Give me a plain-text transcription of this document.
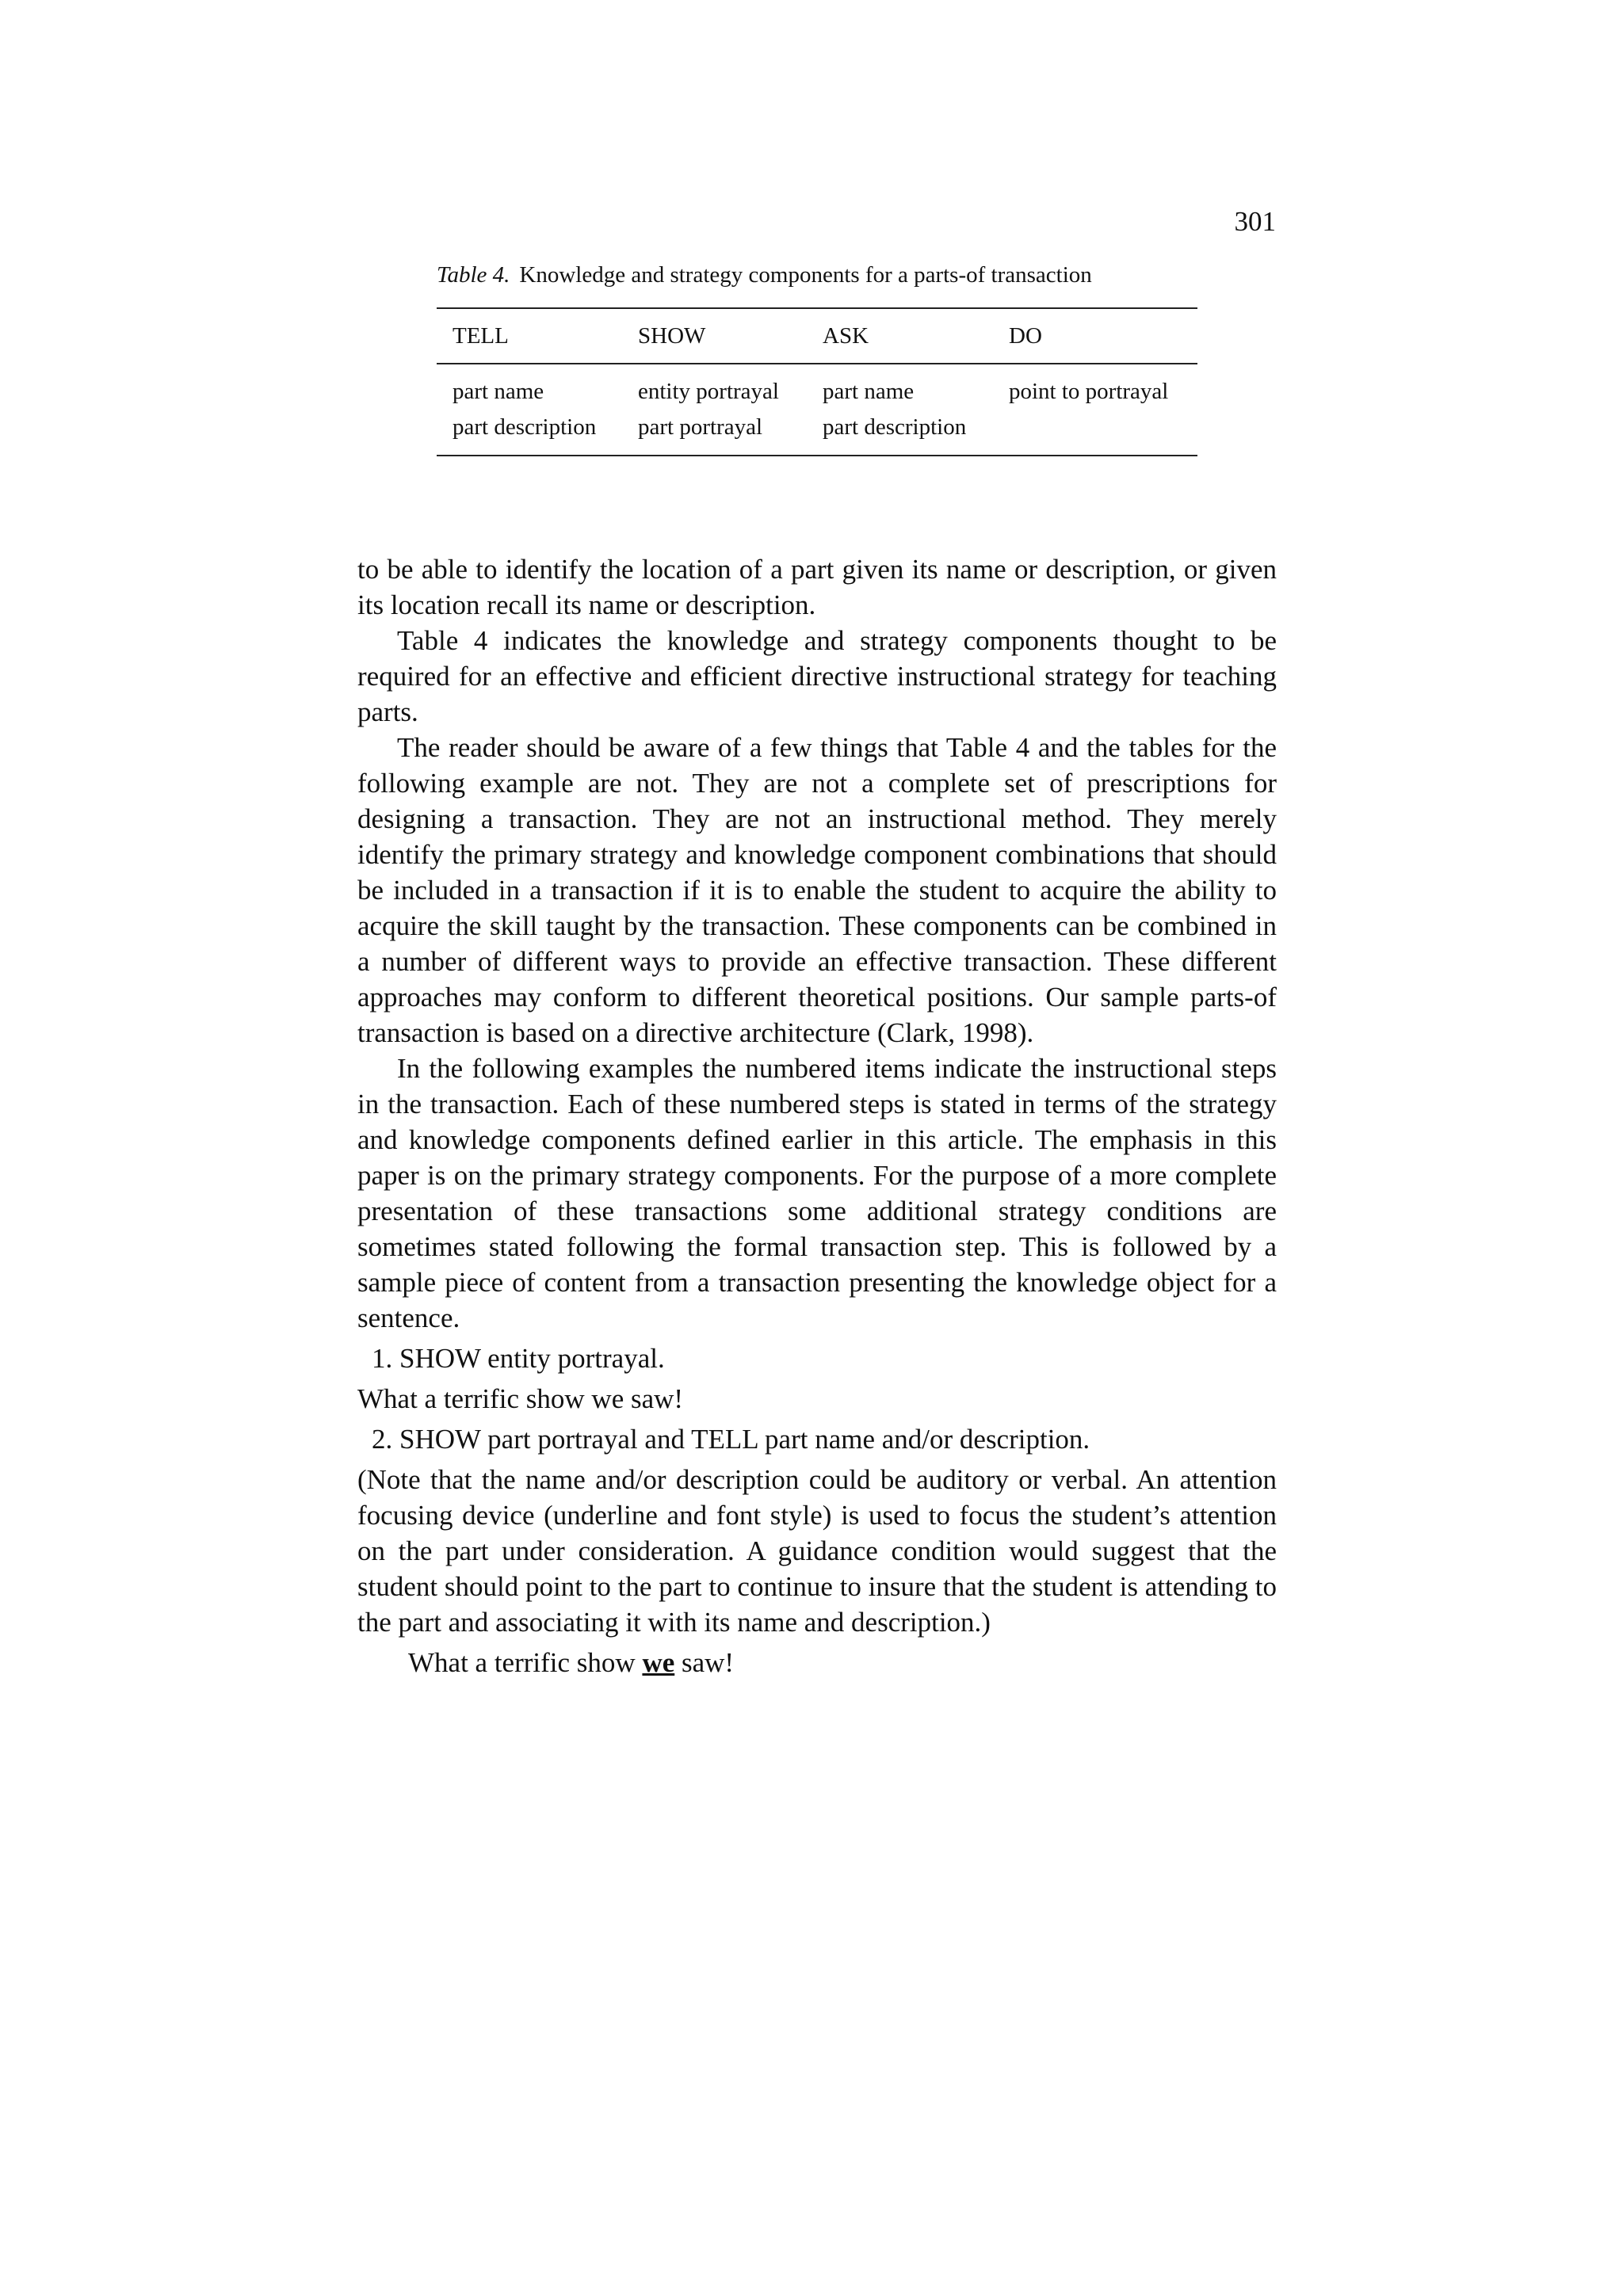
301
Table 4. Knowledge and strategy components for a parts-of transaction
TELL	SHOW	ASK	DO
part name	entity portrayal	part name	point to portrayal
part description	part portrayal	part description	

to be able to identify the location of a part given its name or description, or given its location recall its name or description.

Table 4 indicates the knowledge and strategy components thought to be required for an effective and efficient directive instructional strategy for teaching parts.

The reader should be aware of a few things that Table 4 and the tables for the following example are not. They are not a complete set of prescriptions for designing a transaction. They are not an instructional method. They merely identify the primary strategy and knowledge component combinations that should be included in a transaction if it is to enable the student to acquire the ability to acquire the skill taught by the transaction. These components can be combined in a number of different ways to provide an effective transaction. These different approaches may conform to different theoretical positions. Our sample parts-of transaction is based on a directive architecture (Clark, 1998).

In the following examples the numbered items indicate the instructional steps in the transaction. Each of these numbered steps is stated in terms of the strategy and knowledge components defined earlier in this article. The emphasis in this paper is on the primary strategy components. For the purpose of a more complete presentation of these transactions some additional strategy conditions are sometimes stated following the formal transaction step. This is followed by a sample piece of content from a transaction presenting the knowledge object for a sentence.

1. SHOW entity portrayal.

What a terrific show we saw!

2. SHOW part portrayal and TELL part name and/or description.

(Note that the name and/or description could be auditory or verbal. An attention focusing device (underline and font style) is used to focus the student’s attention on the part under consideration. A guidance condition would suggest that the student should point to the part to continue to insure that the student is attending to the part and associating it with its name and description.)

What a terrific show we saw!
